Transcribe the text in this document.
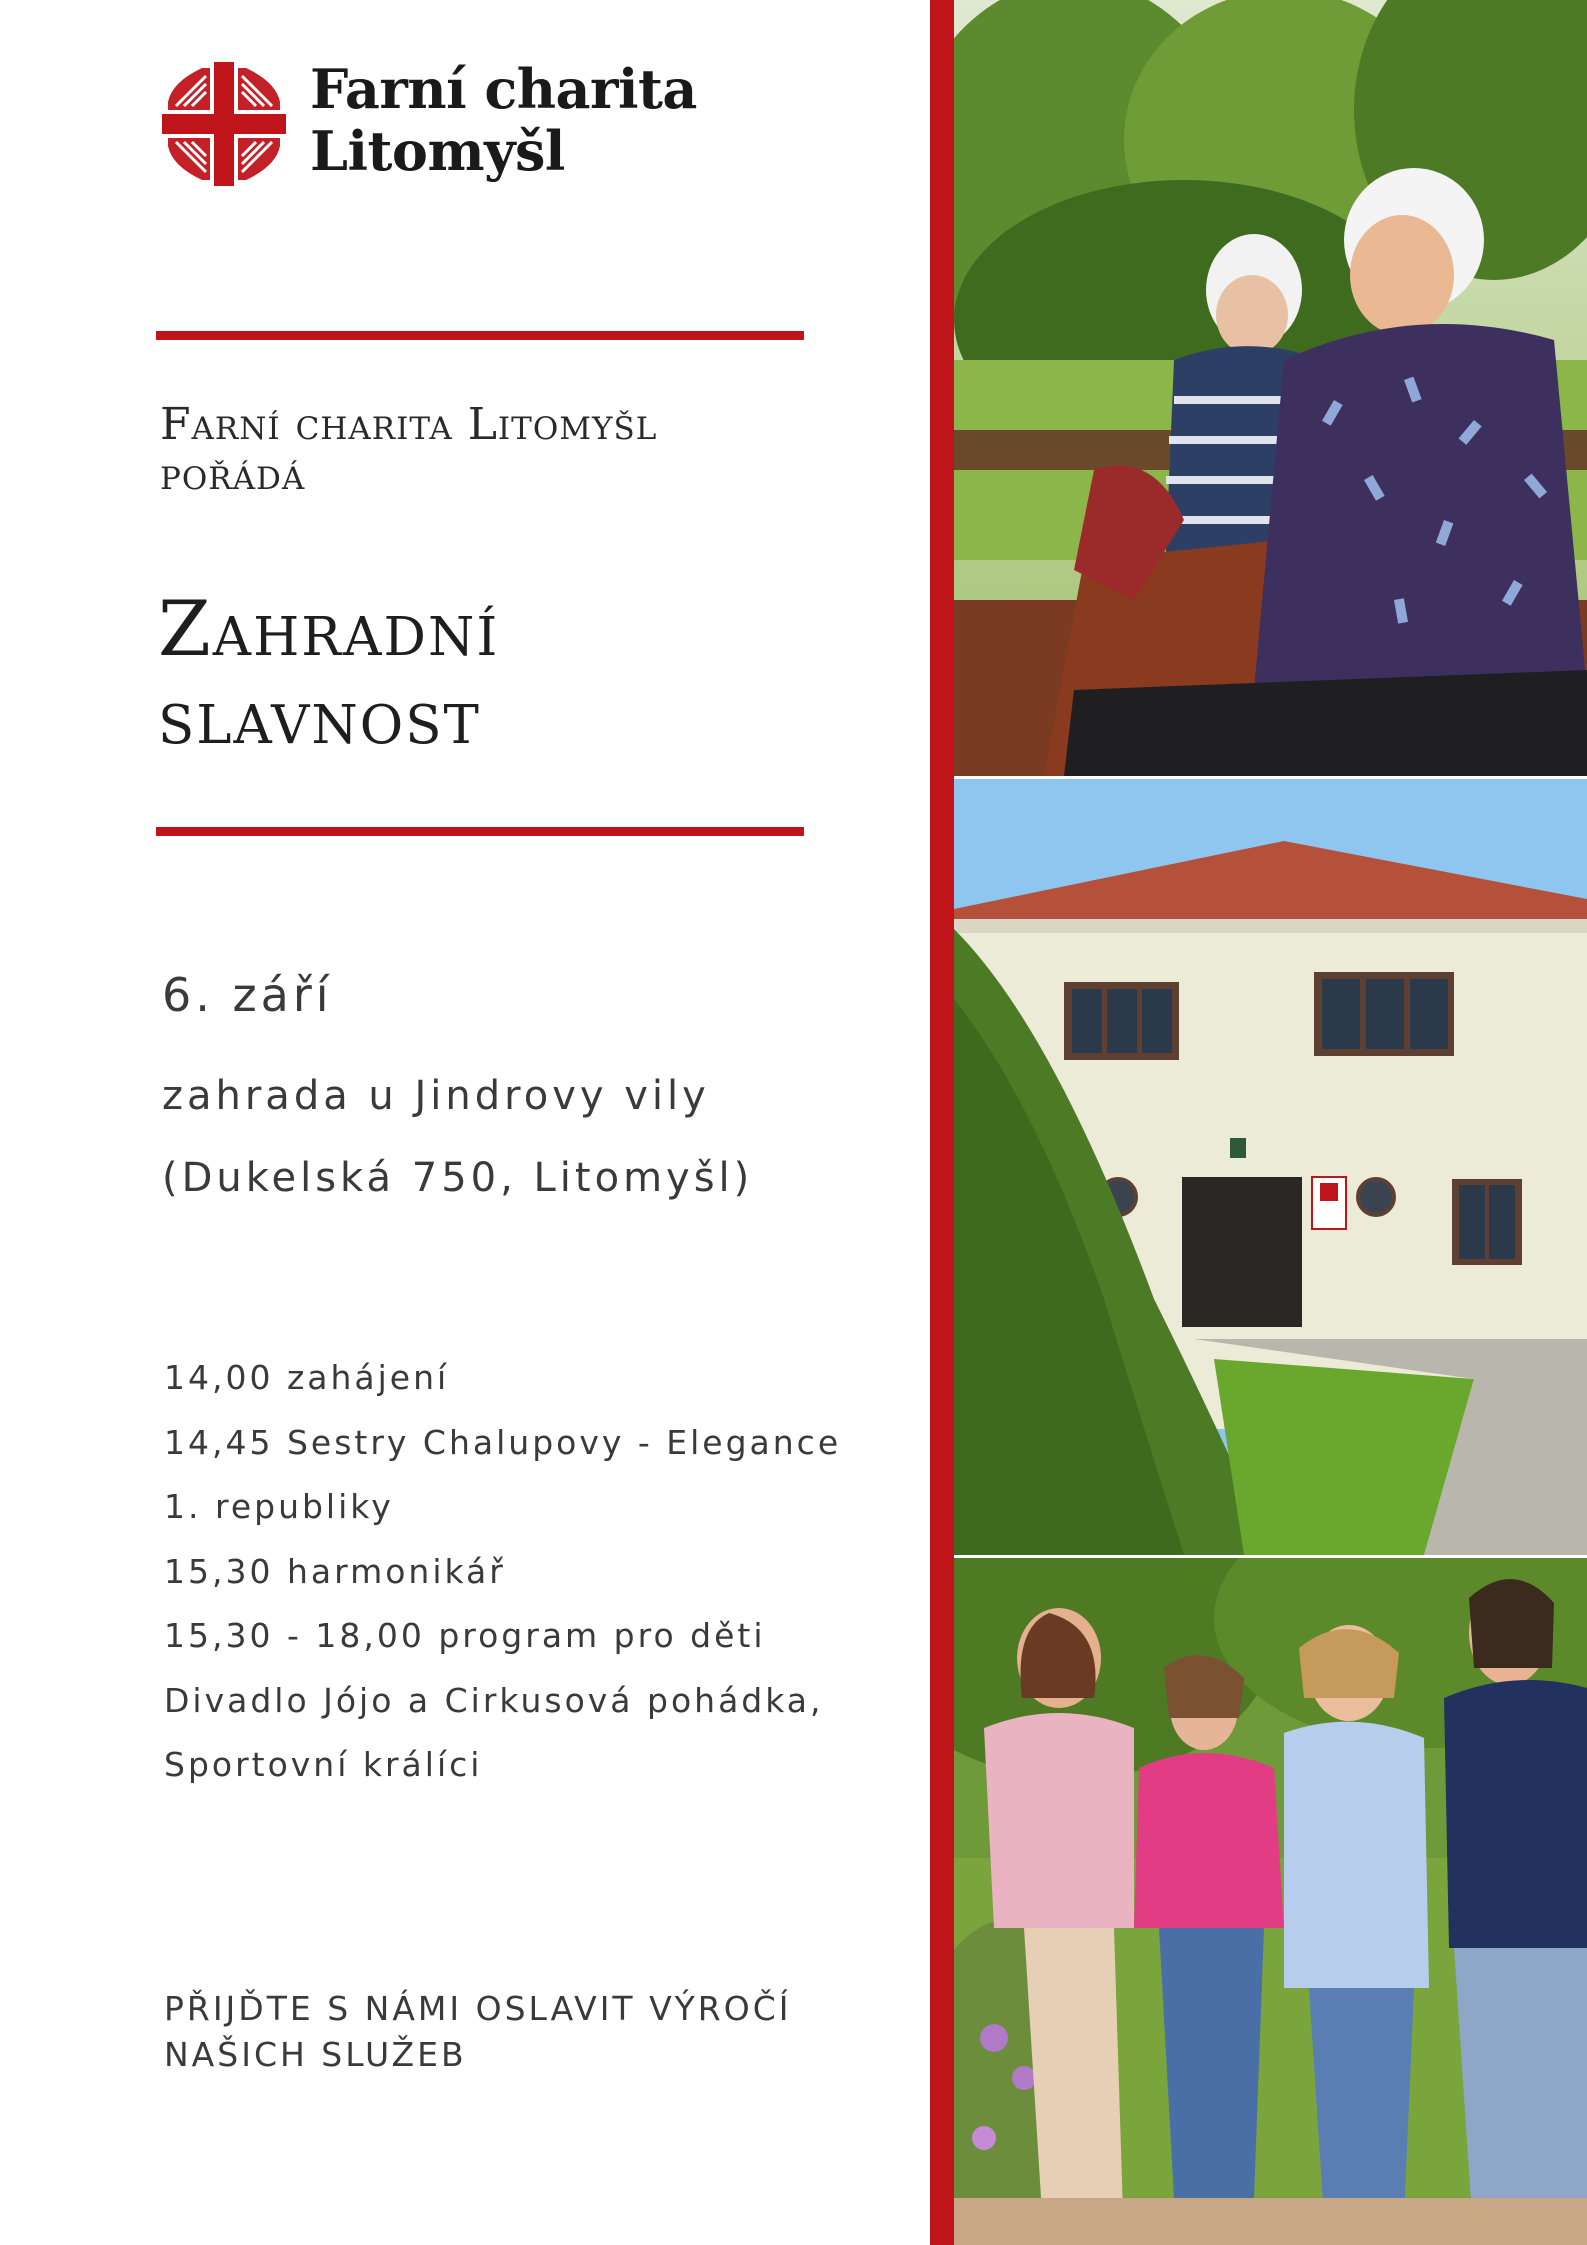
Farní charita
Litomyšl
Farní charita Litomyšl
pořádá
Zahradní
slavnost
6. září
zahrada u Jindrovy vily
(Dukelská 750, Litomyšl)
14,00 zahájení
14,45 Sestry Chalupovy - Elegance
1. republiky
15,30 harmonikář
15,30 - 18,00 program pro děti
Divadlo Jójo a Cirkusová pohádka,
Sportovní králíci
PŘIJĎTE S NÁMI OSLAVIT VÝROČÍ
NAŠICH SLUŽEB
